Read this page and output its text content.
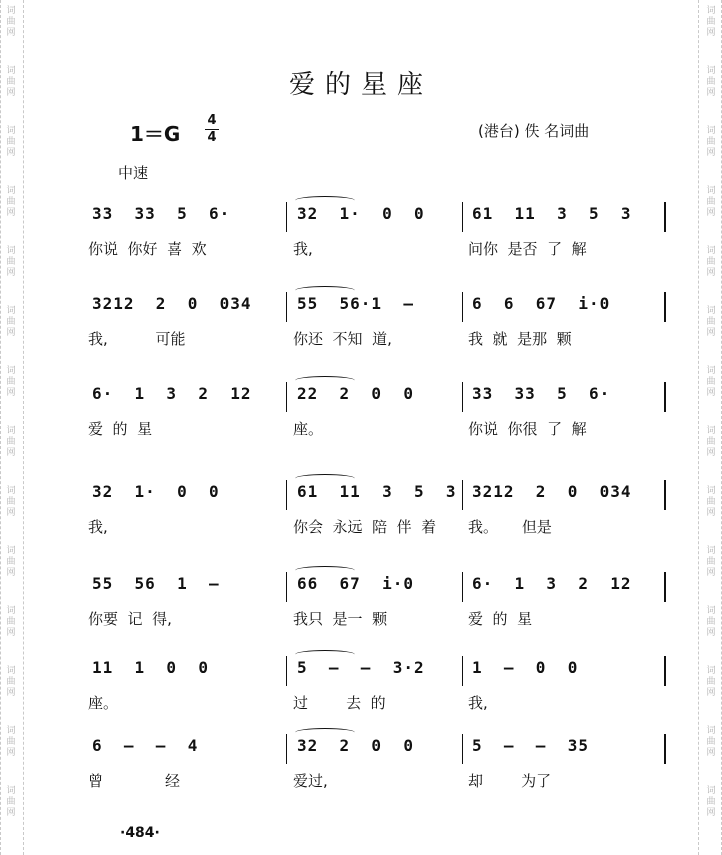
词
曲
网
词
曲
网
词
曲
网
词
曲
网
词
曲
网
词
曲
网
词
曲
网
词
曲
网
词
曲
网
词
曲
网
词
曲
网
词
曲
网
词
曲
网
词
曲
网
词
曲
网
词
曲
网
词
曲
网
词
曲
网
词
曲
网
词
曲
网
词
曲
网
词
曲
网
词
曲
网
词
曲
网
词
曲
网
词
曲
网
词
曲
网
词
曲
网
爱的星座
1＝G
4
4	(港台) 佚 名词曲
中速
33  33  5  6·
你说  你好  喜  欢
32  1·  0  0
我,
61  11  3  5  3
问你  是否  了  解
3212  2  0  034
我,          可能
55  56·1  —
你还  不知  道,
6  6  67  i·0
我  就  是那  颗
6·  1  3  2  12
爱  的  星
22  2  0  0
座。
33  33  5  6·
你说  你很  了  解
32  1·  0  0
我,
61  11  3  5  3
你会  永远  陪  伴  着
3212  2  0  034
我。     但是
55  56  1  —
你要  记  得,
66  67  i·0
我只  是一  颗
6·  1  3  2  12
爱  的  星
11  1  0  0
座。
5  —  —  3·2
过        去  的
1  —  0  0
我,
6  —  —  4
曾             经
32  2  0  0
爱过,
5  —  —  35
却        为了
·484·
